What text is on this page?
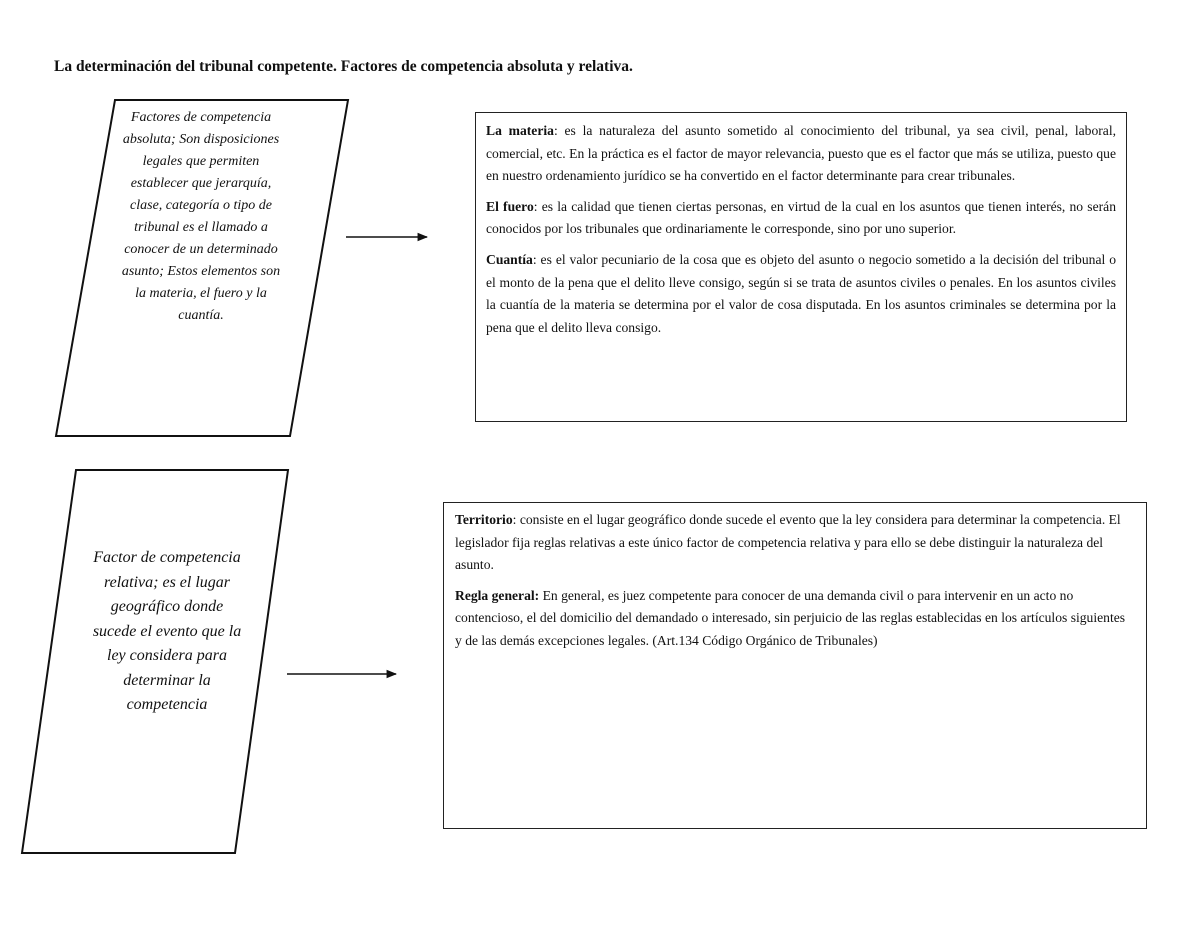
La determinación del tribunal competente. Factores de competencia absoluta y relativa.
Factores de competencia absoluta; Son disposiciones legales que permiten establecer que jerarquía, clase, categoría o tipo de tribunal es el llamado a conocer de un determinado asunto; Estos elementos son la materia, el fuero y la cuantía.
Factor de competencia relativa; es el lugar geográfico donde sucede el evento que la ley considera para determinar la competencia

La materia: es la naturaleza del asunto sometido al conocimiento del tribunal, ya sea civil, penal, laboral, comercial, etc. En la práctica es el factor de mayor relevancia, puesto que es el factor que más se utiliza, puesto que en nuestro ordenamiento jurídico se ha convertido en el factor determinante para crear tribunales.

El fuero: es la calidad que tienen ciertas personas, en virtud de la cual en los asuntos que tienen interés, no serán conocidos por los tribunales que ordinariamente le corresponde, sino por uno superior.

Cuantía: es el valor pecuniario de la cosa que es objeto del asunto o negocio sometido a la decisión del tribunal o el monto de la pena que el delito lleve consigo, según si se trata de asuntos civiles o penales. En los asuntos civiles la cuantía de la materia se determina por el valor de cosa disputada. En los asuntos criminales se determina por la pena que el delito lleva consigo.

Territorio: consiste en el lugar geográfico donde sucede el evento que la ley considera para determinar la competencia. El legislador fija reglas relativas a este único factor de competencia relativa y para ello se debe distinguir la naturaleza del asunto.

Regla general: En general, es juez competente para conocer de una demanda civil o para intervenir en un acto no contencioso, el del domicilio del demandado o interesado, sin perjuicio de las reglas establecidas en los artículos siguientes y de las demás excepciones legales. (Art.134 Código Orgánico de Tribunales)
